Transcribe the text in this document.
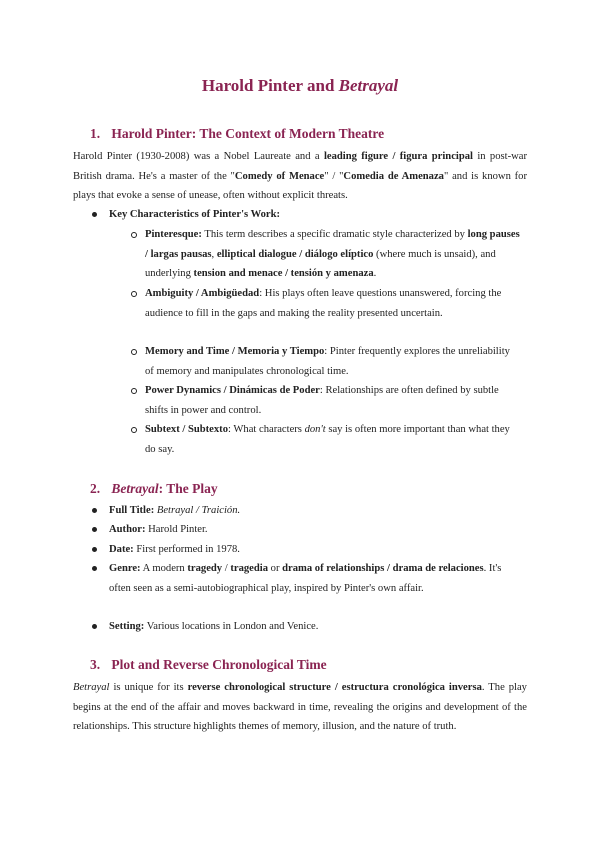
Harold Pinter and Betrayal
1. Harold Pinter: The Context of Modern Theatre
Harold Pinter (1930-2008) was a Nobel Laureate and a leading figure / figura principal in post-war British drama. He's a master of the "Comedy of Menace" / "Comedia de Amenaza" and is known for plays that evoke a sense of unease, often without explicit threats.
Key Characteristics of Pinter's Work:
Pinteresque: This term describes a specific dramatic style characterized by long pauses / largas pausas, elliptical dialogue / diálogo elíptico (where much is unsaid), and underlying tension and menace / tensión y amenaza.
Ambiguity / Ambigüedad: His plays often leave questions unanswered, forcing the audience to fill in the gaps and making the reality presented uncertain.
Memory and Time / Memoria y Tiempo: Pinter frequently explores the unreliability of memory and manipulates chronological time.
Power Dynamics / Dinámicas de Poder: Relationships are often defined by subtle shifts in power and control.
Subtext / Subtexto: What characters don't say is often more important than what they do say.
2. Betrayal: The Play
Full Title: Betrayal / Traición.
Author: Harold Pinter.
Date: First performed in 1978.
Genre: A modern tragedy / tragedia or drama of relationships / drama de relaciones. It's often seen as a semi-autobiographical play, inspired by Pinter's own affair.
Setting: Various locations in London and Venice.
3. Plot and Reverse Chronological Time
Betrayal is unique for its reverse chronological structure / estructura cronológica inversa. The play begins at the end of the affair and moves backward in time, revealing the origins and development of the relationships. This structure highlights themes of memory, illusion, and the nature of truth.
